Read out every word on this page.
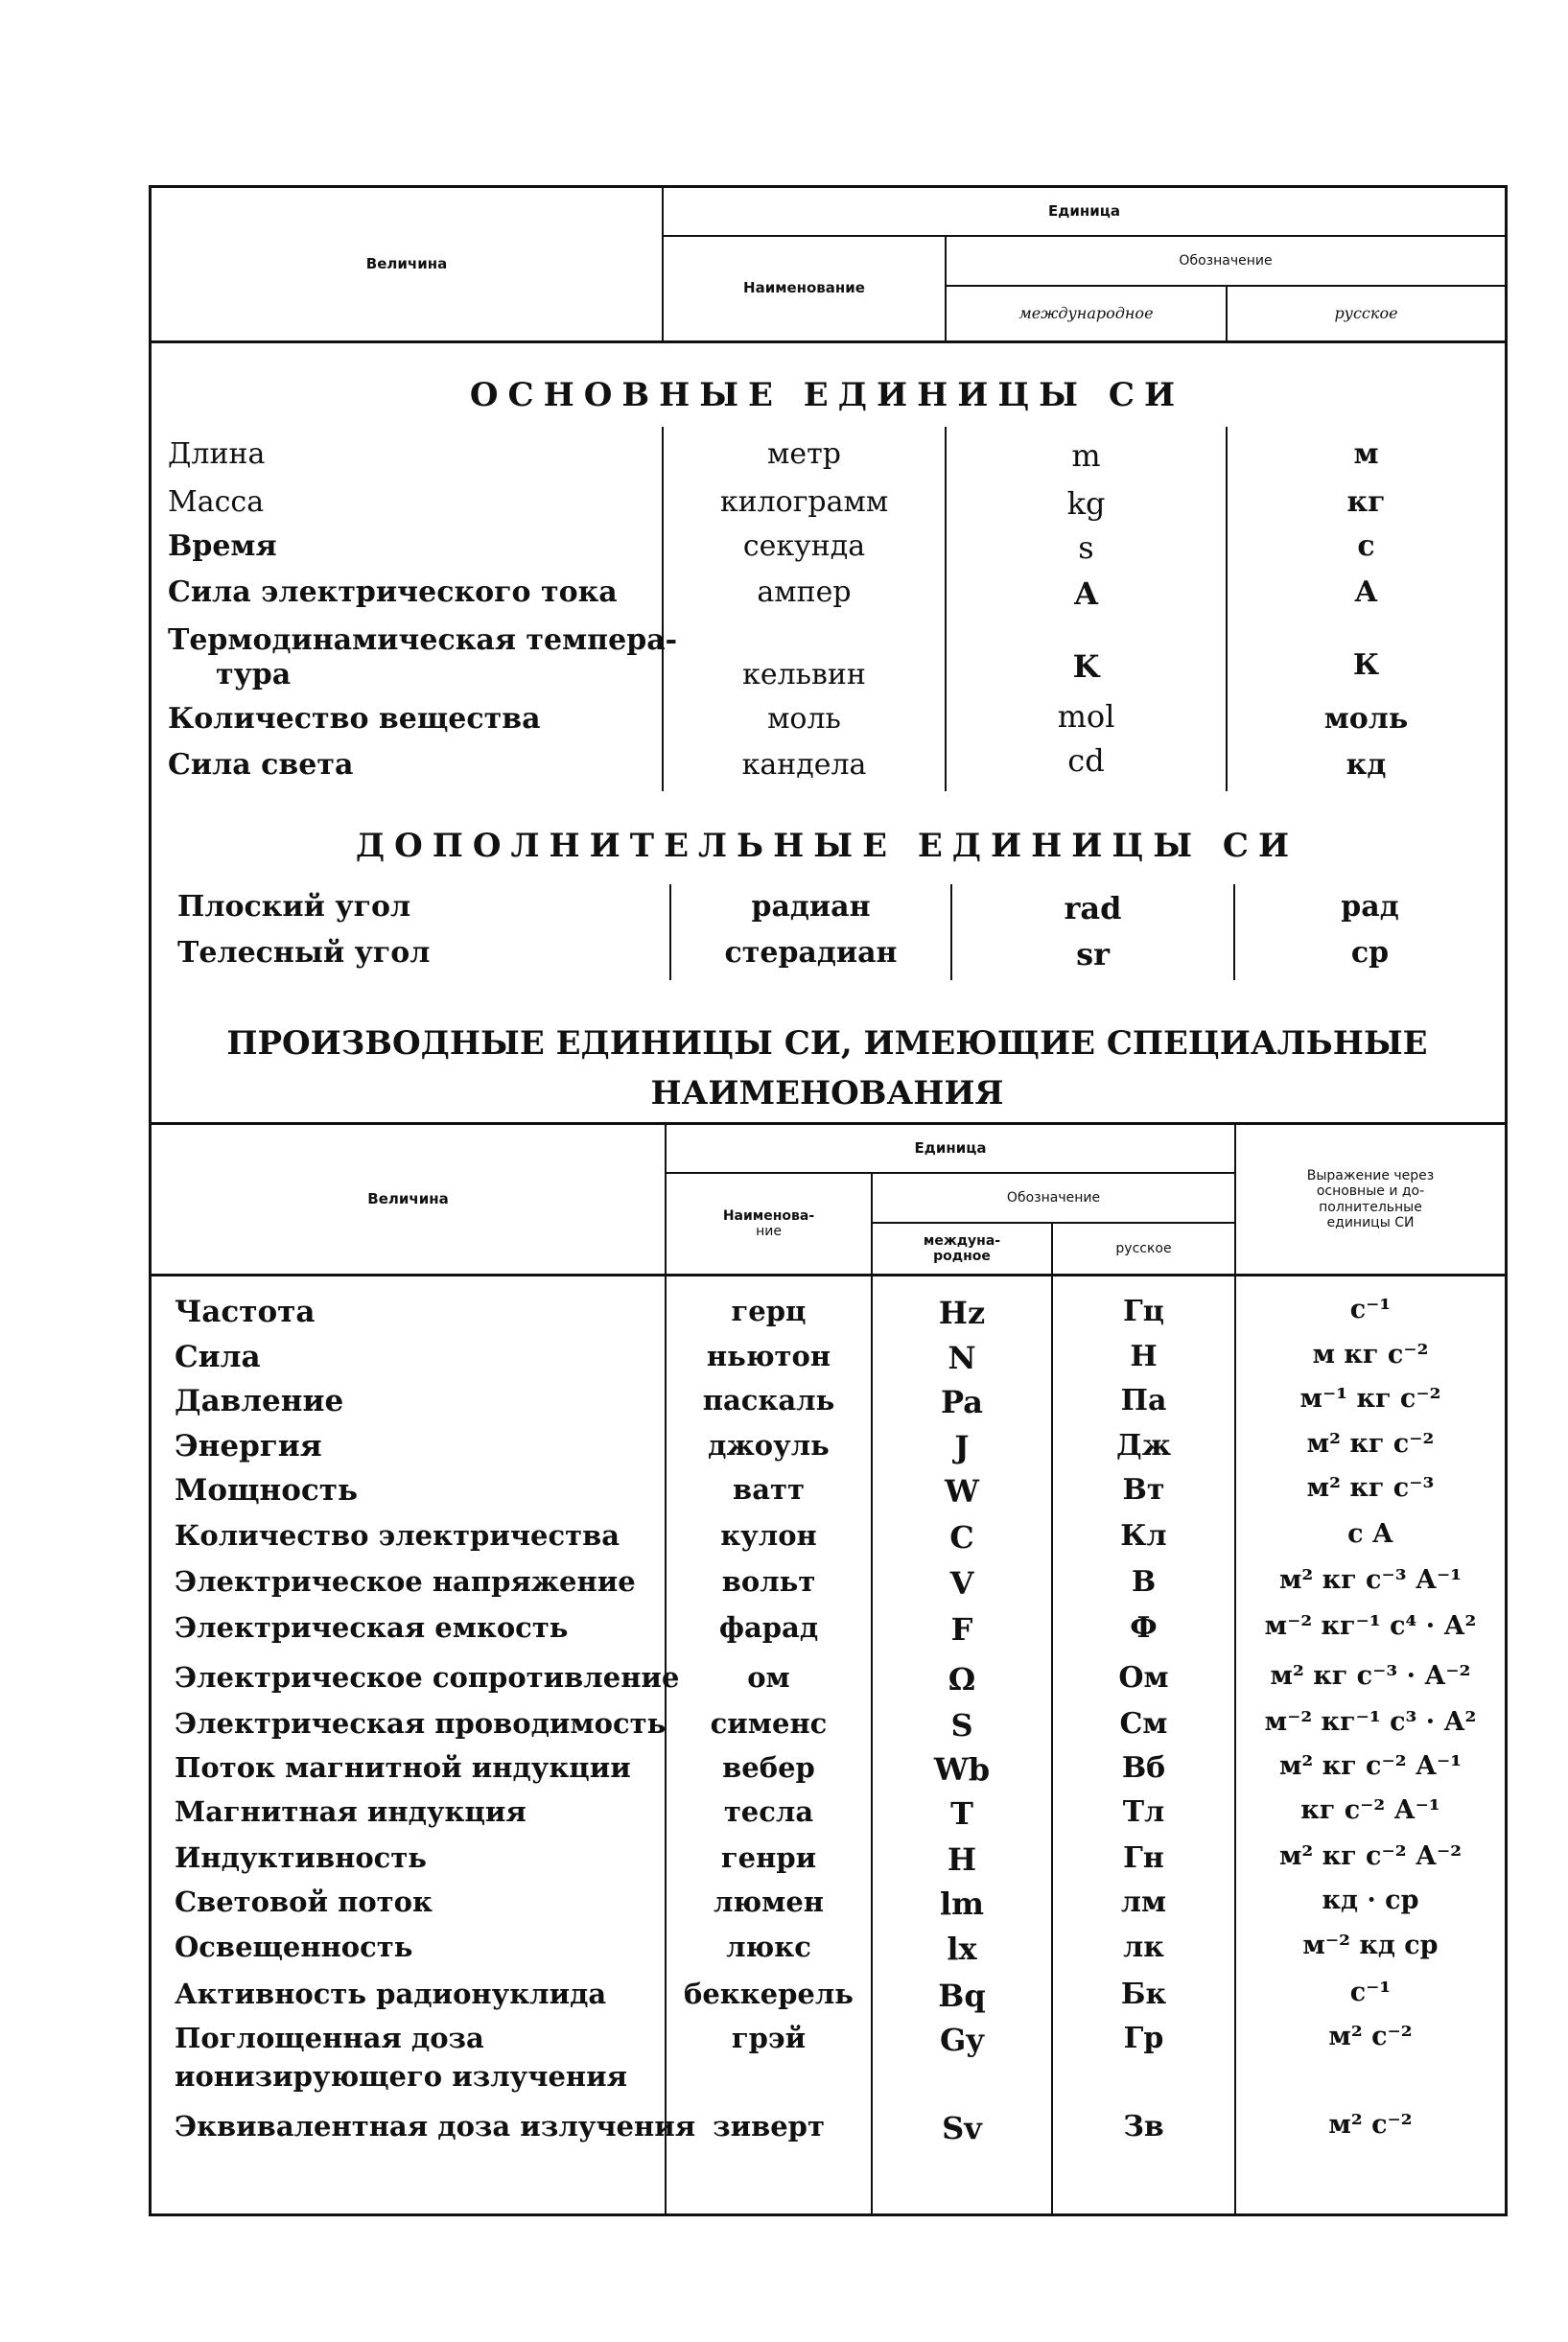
Величина
Единица
Наименование
Обозначение
международное	русское
ОСНОВНЫЕ ЕДИНИЦЫ СИ
Длина	метр	m	м
Масса	килограмм	kg	кг
Время	секунда	s	с
Сила электрического тока	ампер	A	А
Термодинамическая темпера-
тура	кельвин	K	К
Количество вещества	моль	mol	моль
Сила света	кандела	cd	кд
ДОПОЛНИТЕЛЬНЫЕ ЕДИНИЦЫ СИ
Плоский угол	радиан	rad	рад
Телесный угол	стерадиан	sr	ср
ПРОИЗВОДНЫЕ ЕДИНИЦЫ СИ, ИМЕЮЩИЕ СПЕЦИАЛЬНЫЕ
НАИМЕНОВАНИЯ
Величина
Единица
Наименова-
ние
Обозначение
междуна-
родное
русское
Выражение через
основные и до-
полнительные
единицы СИ
Частота	герц	Hz	Гц	с⁻¹
Сила	ньютон	N	Н	м кг с⁻²
Давление	паскаль	Pa	Па	м⁻¹ кг с⁻²
Энергия	джоуль	J	Дж	м² кг с⁻²
Мощность	ватт	W	Вт	м² кг с⁻³
Количество электричества	кулон	C	Кл	с А
Электрическое напряжение	вольт	V	В	м² кг с⁻³ А⁻¹
Электрическая емкость	фарад	F	Ф	м⁻² кг⁻¹ с⁴ · А²
Электрическое сопротивление	ом	Ω	Ом	м² кг с⁻³ · А⁻²
Электрическая проводимость	сименс	S	См	м⁻² кг⁻¹ с³ · А²
Поток магнитной индукции	вебер	Wb	Вб	м² кг с⁻² А⁻¹
Магнитная индукция	тесла	T	Тл	кг с⁻² А⁻¹
Индуктивность	генри	H	Гн	м² кг с⁻² А⁻²
Световой поток	люмен	lm	лм	кд · ср
Освещенность	люкс	lx	лк	м⁻² кд ср
Активность радионуклида	беккерель	Bq	Бк	с⁻¹
Поглощенная доза
ионизирующего излучения
грэй	Gy	Гр	м² с⁻²
Эквивалентная доза излучения зиверт	Sv	Зв	м² с⁻²
